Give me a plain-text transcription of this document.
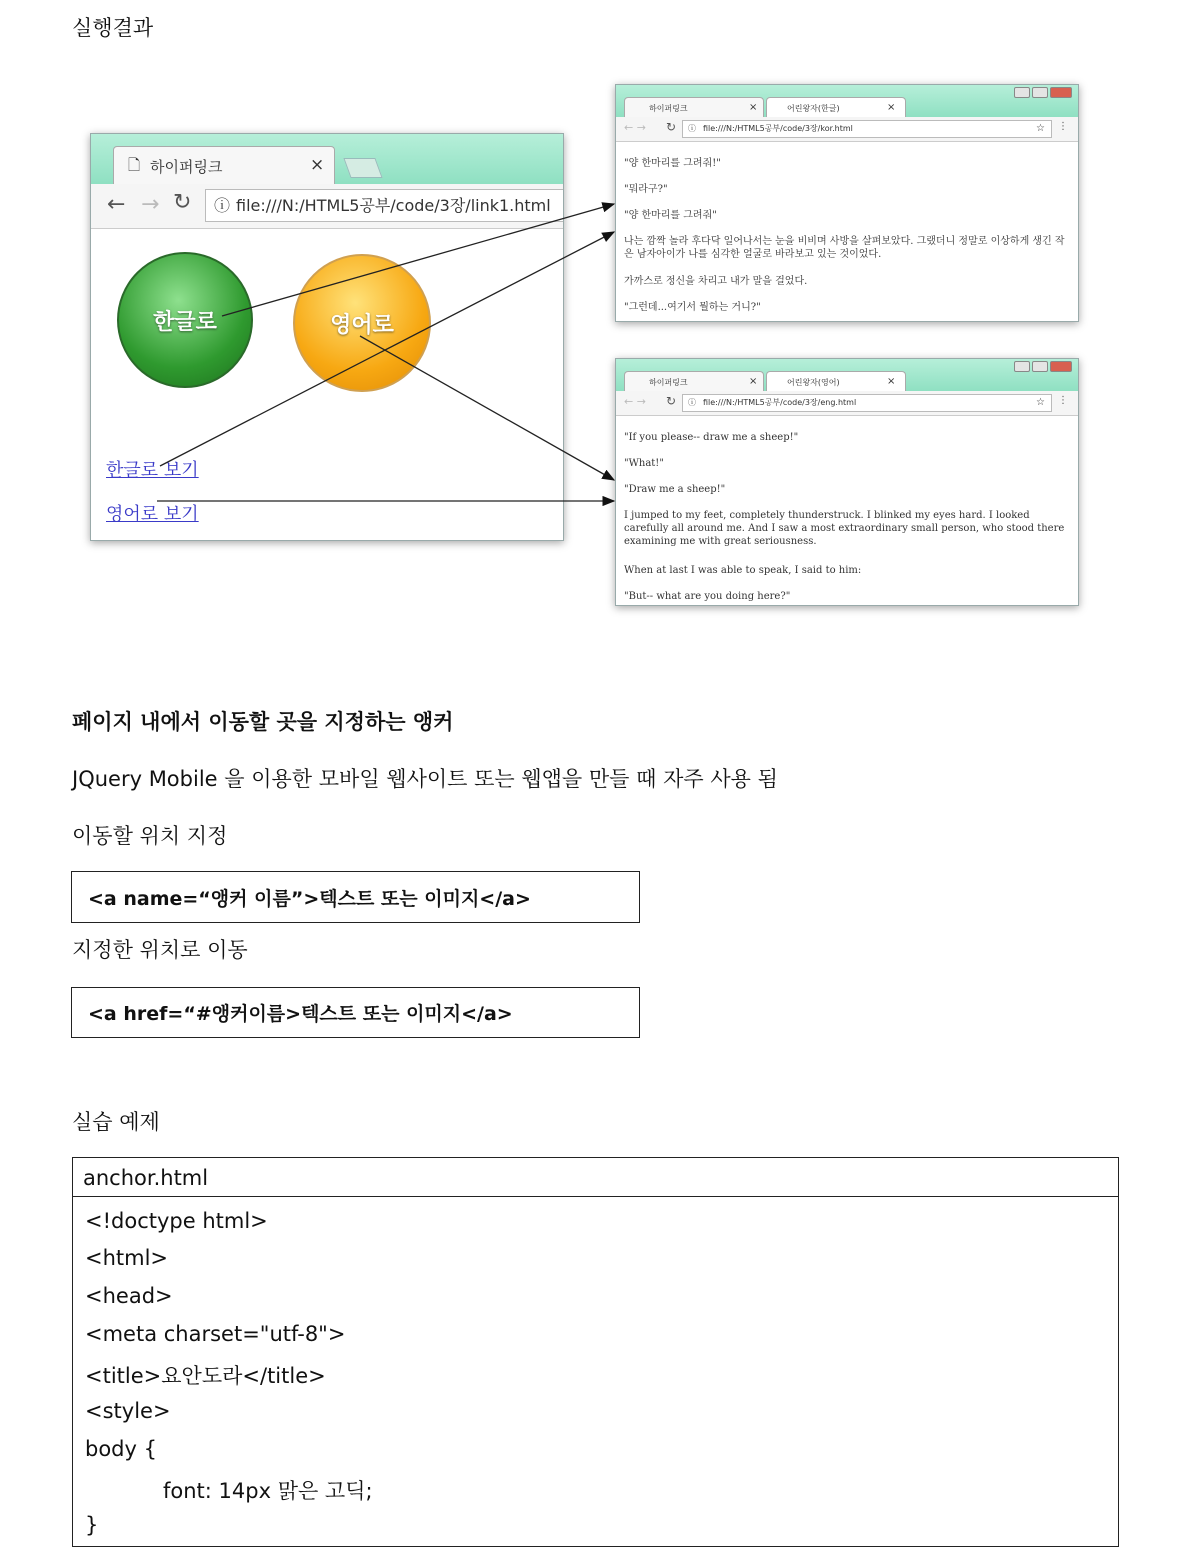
실행결과
🗋 하이퍼링크	×
← → ↻ ⓘ file:///N:/HTML5공부/code/3장/link1.html
한글로	영어로
한글로 보기
영어로 보기
하이퍼링크	×	어린왕자(한글)	×
← → ↻ ⓘ file:///N:/HTML5공부/code/3장/kor.html	☆ ⋮

"양 한마리를 그려줘!"

"뭐라구?"

"양 한마리를 그려줘"

나는 깜짝 놀라 후다닥 일어나서는 눈을 비비며 사방을 살펴보았다. 그랬더니 정말로 이상하게 생긴 작은 남자아이가 나를 심각한 얼굴로 바라보고 있는 것이었다.

가까스로 정신을 차리고 내가 말을 걸었다.

"그런데...여기서 뭘하는 거니?"

하이퍼링크	×	어린왕자(영어)	×
← → ↻ ⓘ file:///N:/HTML5공부/code/3장/eng.html	☆ ⋮

"If you please-- draw me a sheep!"

"What!"

"Draw me a sheep!"

I jumped to my feet, completely thunderstruck. I blinked my eyes hard. I looked carefully all around me. And I saw a most extraordinary small person, who stood there examining me with great seriousness.

When at last I was able to speak, I said to him:

"But-- what are you doing here?"

페이지 내에서 이동할 곳을 지정하는 앵커
JQuery Mobile 을 이용한 모바일 웹사이트 또는 웹앱을 만들 때 자주 사용 됨
이동할 위치 지정
<a name=“앵커 이름”>텍스트 또는 이미지</a>
지정한 위치로 이동
<a href=“#앵커이름>텍스트 또는 이미지</a>
실습 예제
anchor.html
<!doctype html>
<html>
<head>
<meta charset="utf-8">
<title>요안도라</title>
<style>
body {
font: 14px 맑은 고딕;
}
